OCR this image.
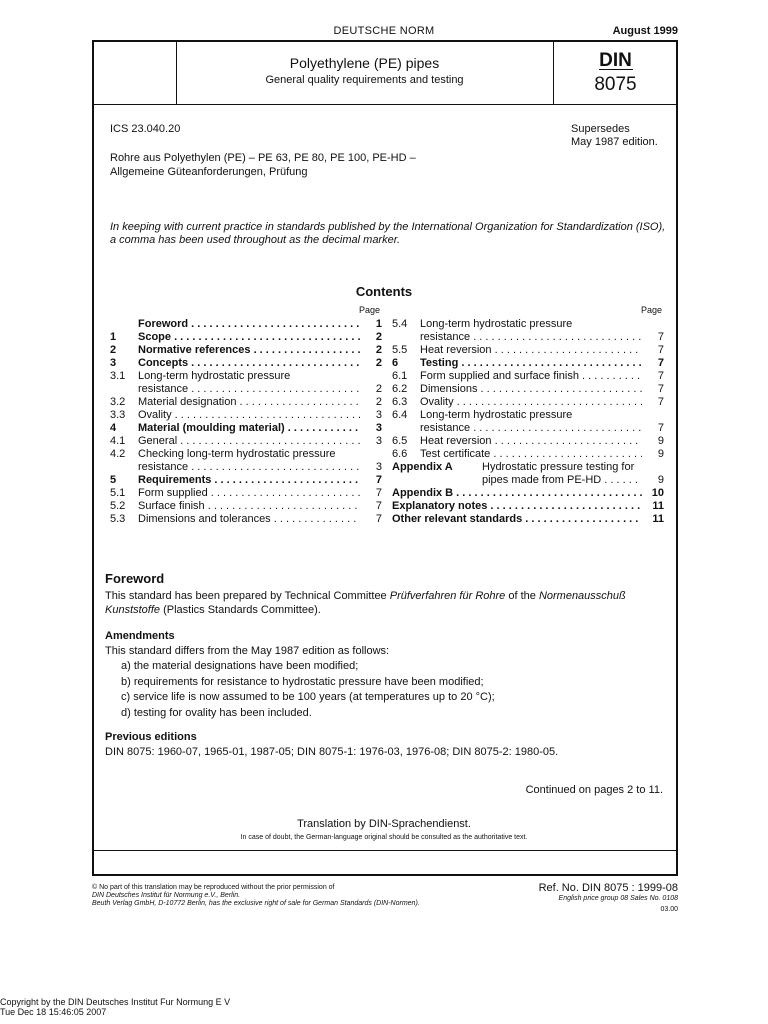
DEUTSCHE NORM	August 1999
Polyethylene (PE) pipes
General quality requirements and testing
DIN
8075
ICS 23.040.20	Supersedes
May 1987 edition.
Rohre aus Polyethylen (PE) – PE 63, PE 80, PE 100, PE-HD –
Allgemeine Güteanforderungen, Prüfung
In keeping with current practice in standards published by the International Organization for Standardization (ISO), a comma has been used throughout as the decimal marker.
Contents
Page	Page
Foreword . . .	1
1 Scope . . .	2
2 Normative references . . .	2
3 Concepts . . .	2
3.1 Long-term hydrostatic pressure
resistance . . .	2
3.2 Material designation . . .	2
3.3 Ovality . . .	3
4 Material (moulding material) . . .	3
4.1 General . . .	3
4.2 Checking long-term hydrostatic pressure
resistance . . .	3
5 Requirements . . .	7
5.1 Form supplied . . .	7
5.2 Surface finish . . .	7
5.3 Dimensions and tolerances . . .	7
5.4 Long-term hydrostatic pressure
resistance . . .	7
5.5 Heat reversion . . .	7
6 Testing . . .	7
6.1 Form supplied and surface finish . . .	7
6.2 Dimensions . . .	7
6.3 Ovality . . .	7
6.4 Long-term hydrostatic pressure
resistance . . .	7
6.5 Heat reversion . . .	9
6.6 Test certificate . . .	9
Appendix A	Hydrostatic pressure testing for
pipes made from PE-HD . . .	9
Appendix B . . .	10
Explanatory notes . . .	11
Other relevant standards . . .	11
Foreword
This standard has been prepared by Technical Committee Prüfverfahren für Rohre of the Normenausschuß
Kunststoffe (Plastics Standards Committee).
Amendments
This standard differs from the May 1987 edition as follows:
a) the material designations have been modified;
b) requirements for resistance to hydrostatic pressure have been modified;
c) service life is now assumed to be 100 years (at temperatures up to 20 °C);
d) testing for ovality has been included.
Previous editions
DIN 8075: 1960-07, 1965-01, 1987-05; DIN 8075-1: 1976-03, 1976-08; DIN 8075-2: 1980-05.
Continued on pages 2 to 11.
Translation by DIN-Sprachendienst.
In case of doubt, the German-language original should be consulted as the authoritative text.
© No part of this translation may be reproduced without the prior permission of
DIN Deutsches Institut für Normung e.V., Berlin.
Beuth Verlag GmbH, D-10772 Berlin, has the exclusive right of sale for German Standards (DIN-Normen).
Ref. No. DIN 8075 : 1999-08
English price group 08 Sales No. 0108
03.00
Copyright by the DIN Deutsches Institut Fur Normung E V
Tue Dec 18 15:46:05 2007
